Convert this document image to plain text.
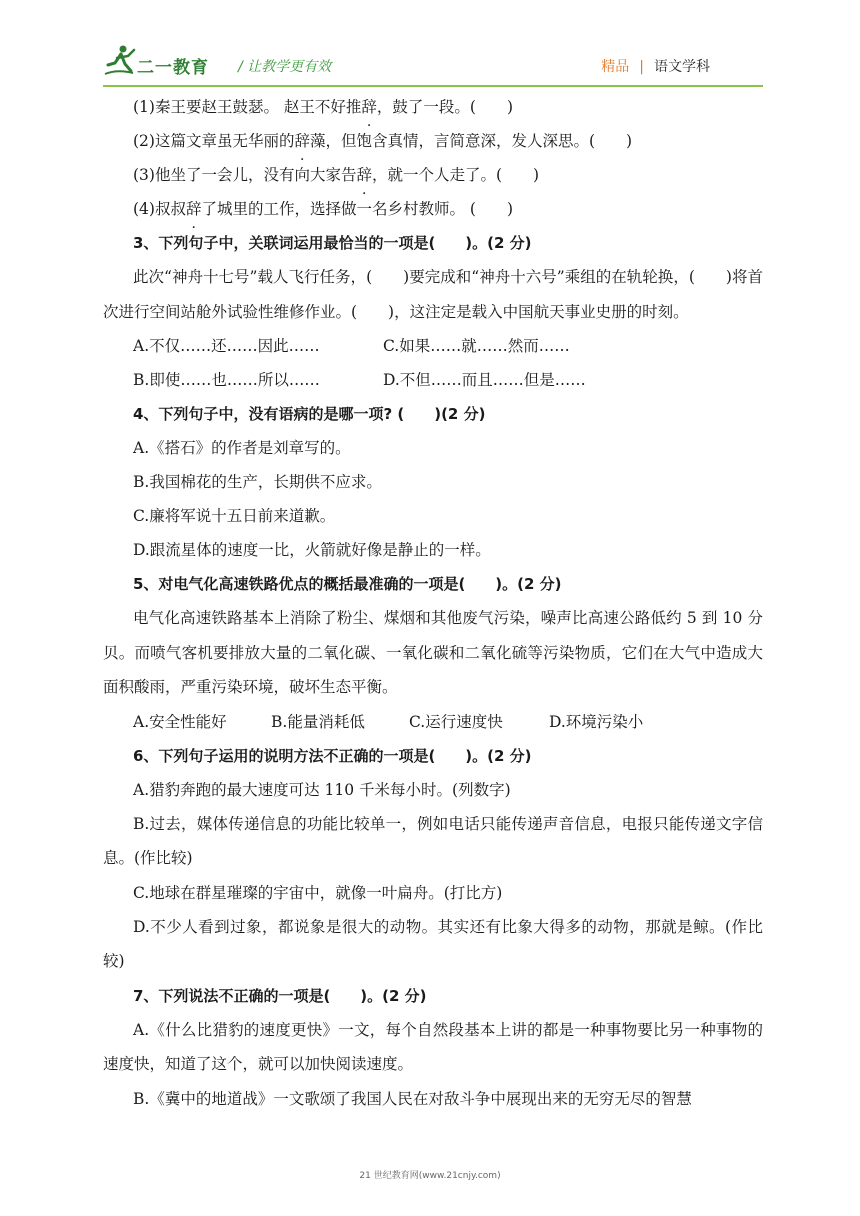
二一教育 / 让教学更有效	精品 | 语文学科
(1)秦王要赵王鼓瑟。 赵王不好推辞，鼓了一段。(　　)
(2)这篇文章虽无华丽的辞藻，但饱含真情，言简意深，发人深思。(　　)
(3)他坐了一会儿，没有向大家告辞，就一个人走了。(　　)
(4)叔叔辞了城里的工作，选择做一名乡村教师。 (　　)
3、下列句子中，关联词运用最恰当的一项是(　　)。(2 分)
此次“神舟十七号”载人飞行任务，(　　)要完成和“神舟十六号”乘组的在轨轮换，(　　)将首次进行空间站舱外试验性维修作业。(　　)，这注定是载入中国航天事业史册的时刻。
A.不仅……还……因此……	C.如果……就……然而……
B.即使……也……所以……	D.不但……而且……但是……
4、下列句子中，没有语病的是哪一项? (　　)(2 分)
A.《搭石》的作者是刘章写的。
B.我国棉花的生产，长期供不应求。
C.廉将军说十五日前来道歉。
D.跟流星体的速度一比，火箭就好像是静止的一样。
5、对电气化高速铁路优点的概括最准确的一项是(　　)。(2 分)
电气化高速铁路基本上消除了粉尘、煤烟和其他废气污染，噪声比高速公路低约 5 到 10 分贝。而喷气客机要排放大量的二氧化碳、一氧化碳和二氧化硫等污染物质，它们在大气中造成大面积酸雨，严重污染环境，破坏生态平衡。
A.安全性能好	B.能量消耗低	C.运行速度快	D.环境污染小
6、下列句子运用的说明方法不正确的一项是(　　)。(2 分)
A.猎豹奔跑的最大速度可达 110 千米每小时。(列数字)
B.过去，媒体传递信息的功能比较单一，例如电话只能传递声音信息，电报只能传递文字信息。(作比较)
C.地球在群星璀璨的宇宙中，就像一叶扁舟。(打比方)
D.不少人看到过象，都说象是很大的动物。其实还有比象大得多的动物，那就是鲸。(作比较)
7、下列说法不正确的一项是(　　)。(2 分)
A.《什么比猎豹的速度更快》一文，每个自然段基本上讲的都是一种事物要比另一种事物的速度快，知道了这个，就可以加快阅读速度。
B.《冀中的地道战》一文歌颂了我国人民在对敌斗争中展现出来的无穷无尽的智慧
21 世纪教育网(www.21cnjy.com)
